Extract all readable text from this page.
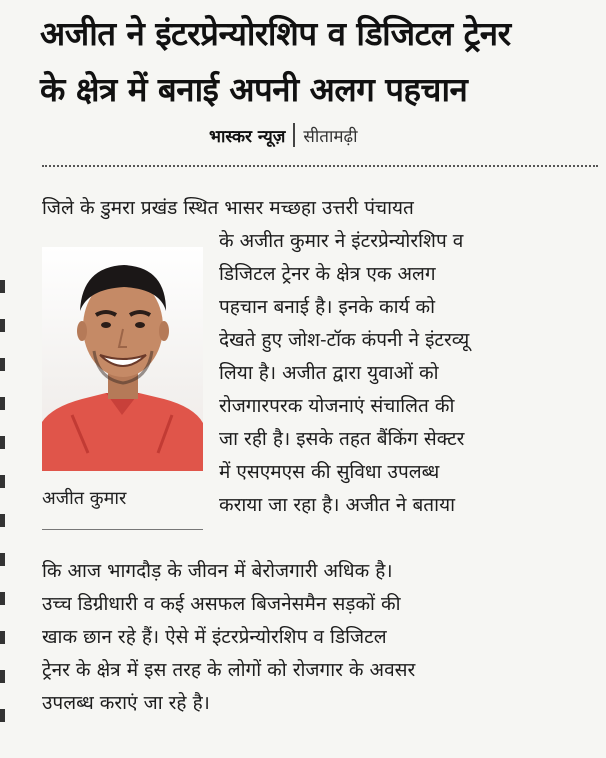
अजीत ने इंटरप्रेन्योरशिप व डिजिटल ट्रेनर
के क्षेत्र में बनाई अपनी अलग पहचान
भास्कर न्यूज़ सीतामढ़ी
जिले के डुमरा प्रखंड स्थित भासर मच्छहा उत्तरी पंचायत
के अजीत कुमार ने इंटरप्रेन्योरशिप व
डिजिटल ट्रेनर के क्षेत्र एक अलग
पहचान बनाई है। इनके कार्य को
देखते हुए जोश-टॉक कंपनी ने इंटरव्यू
लिया है। अजीत द्वारा युवाओं को
रोजगारपरक योजनाएं संचालित की
जा रही है। इसके तहत बैंकिंग सेक्टर
में एसएमएस की सुविधा उपलब्ध
कराया जा रहा है। अजीत ने बताया
अजीत कुमार
कि आज भागदौड़ के जीवन में बेरोजगारी अधिक है।
उच्च डिग्रीधारी व कई असफल बिजनेसमैन सड़कों की
खाक छान रहे हैं। ऐसे में इंटरप्रेन्योरशिप व डिजिटल
ट्रेनर के क्षेत्र में इस तरह के लोगों को रोजगार के अवसर
उपलब्ध कराएं जा रहे है।
